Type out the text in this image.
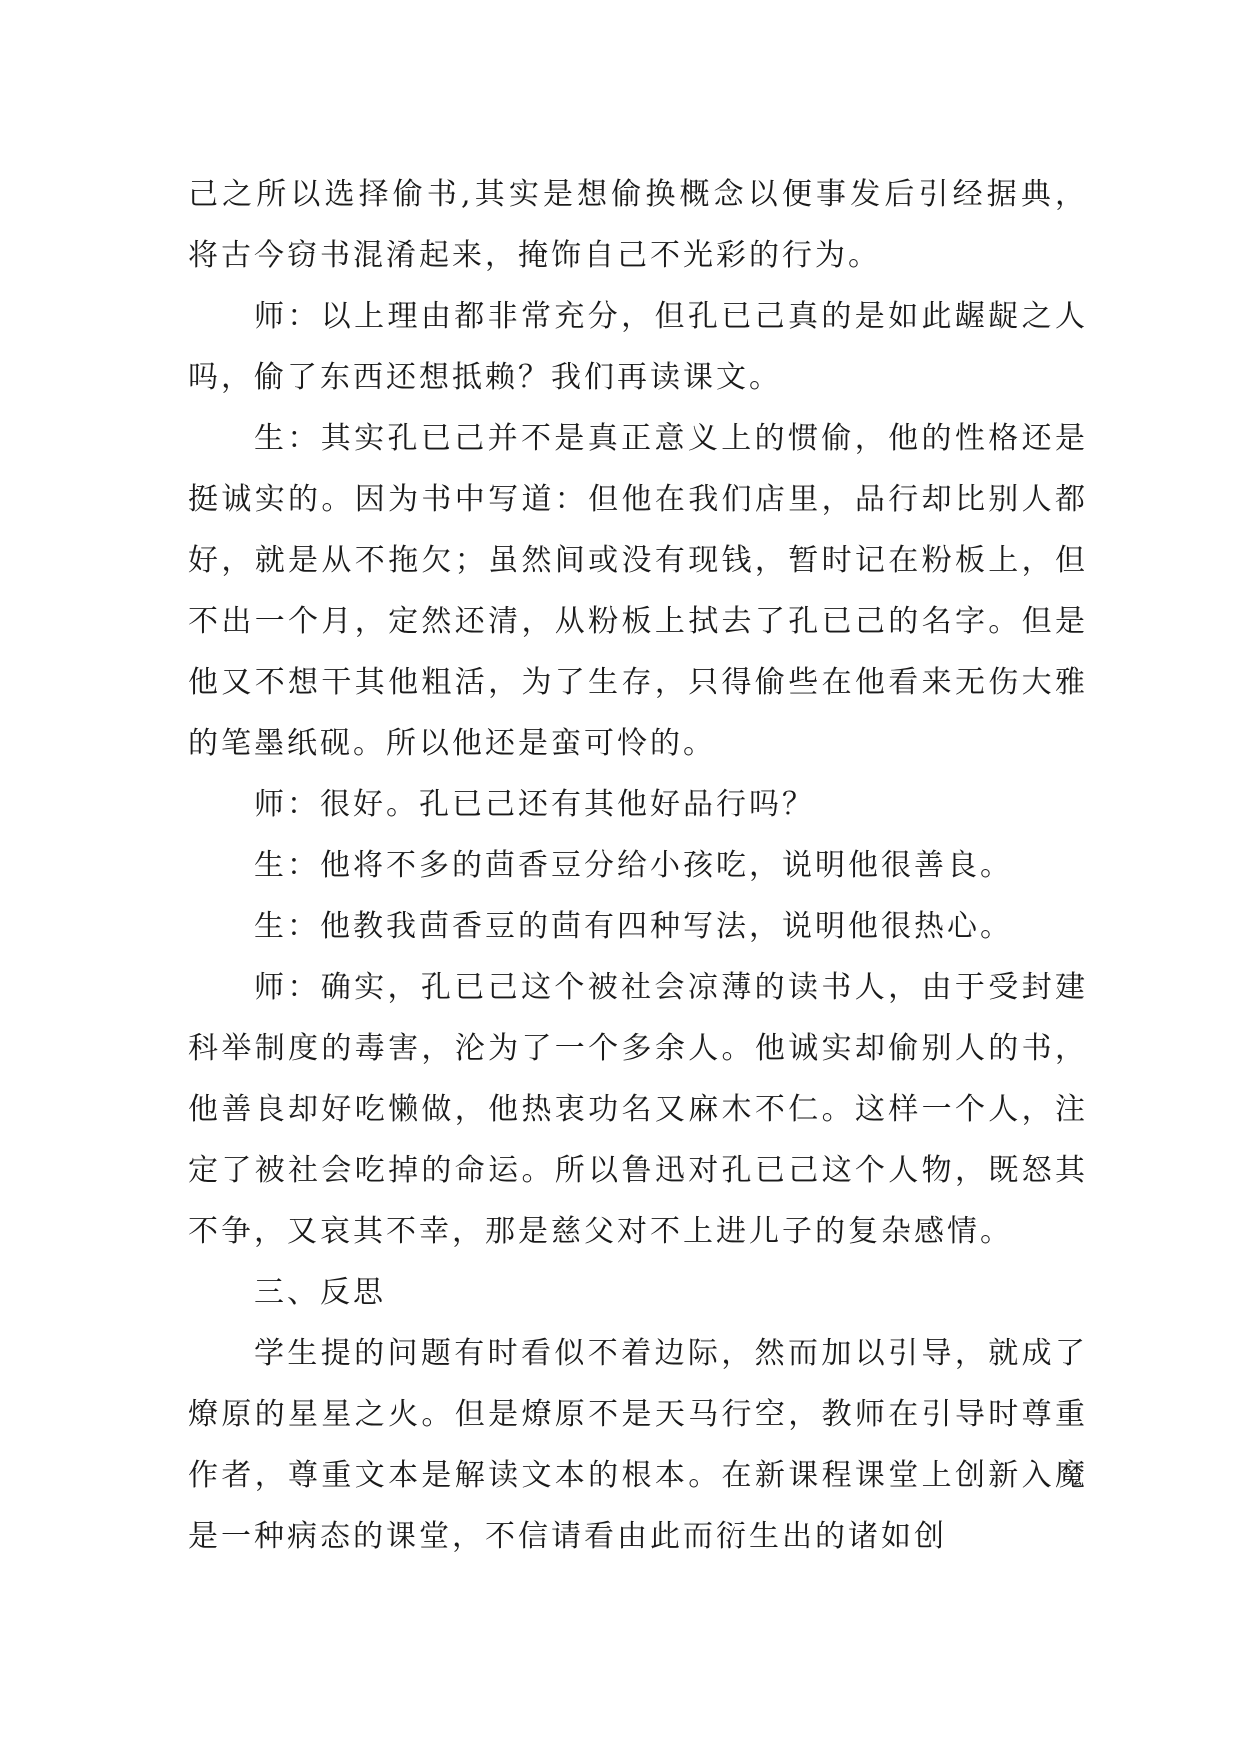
己之所以选择偷书,其实是想偷换概念以便事发后引经据典，将古今窃书混淆起来，掩饰自己不光彩的行为。

师：以上理由都非常充分，但孔已己真的是如此龌龊之人吗，偷了东西还想抵赖？我们再读课文。

生：其实孔已己并不是真正意义上的惯偷，他的性格还是挺诚实的。因为书中写道：但他在我们店里，品行却比别人都好，就是从不拖欠；虽然间或没有现钱，暂时记在粉板上，但不出一个月，定然还清，从粉板上拭去了孔已己的名字。但是他又不想干其他粗活，为了生存，只得偷些在他看来无伤大雅的笔墨纸砚。所以他还是蛮可怜的。

师：很好。孔已己还有其他好品行吗？

生：他将不多的茴香豆分给小孩吃，说明他很善良。

生：他教我茴香豆的茴有四种写法，说明他很热心。

师：确实，孔已己这个被社会凉薄的读书人，由于受封建科举制度的毒害，沦为了一个多余人。他诚实却偷别人的书，他善良却好吃懒做，他热衷功名又麻木不仁。这样一个人，注定了被社会吃掉的命运。所以鲁迅对孔已己这个人物，既怒其不争，又哀其不幸，那是慈父对不上进儿子的复杂感情。

三、反思

学生提的问题有时看似不着边际，然而加以引导，就成了燎原的星星之火。但是燎原不是天马行空，教师在引导时尊重作者，尊重文本是解读文本的根本。在新课程课堂上创新入魔是一种病态的课堂，不信请看由此而衍生出的诸如创
